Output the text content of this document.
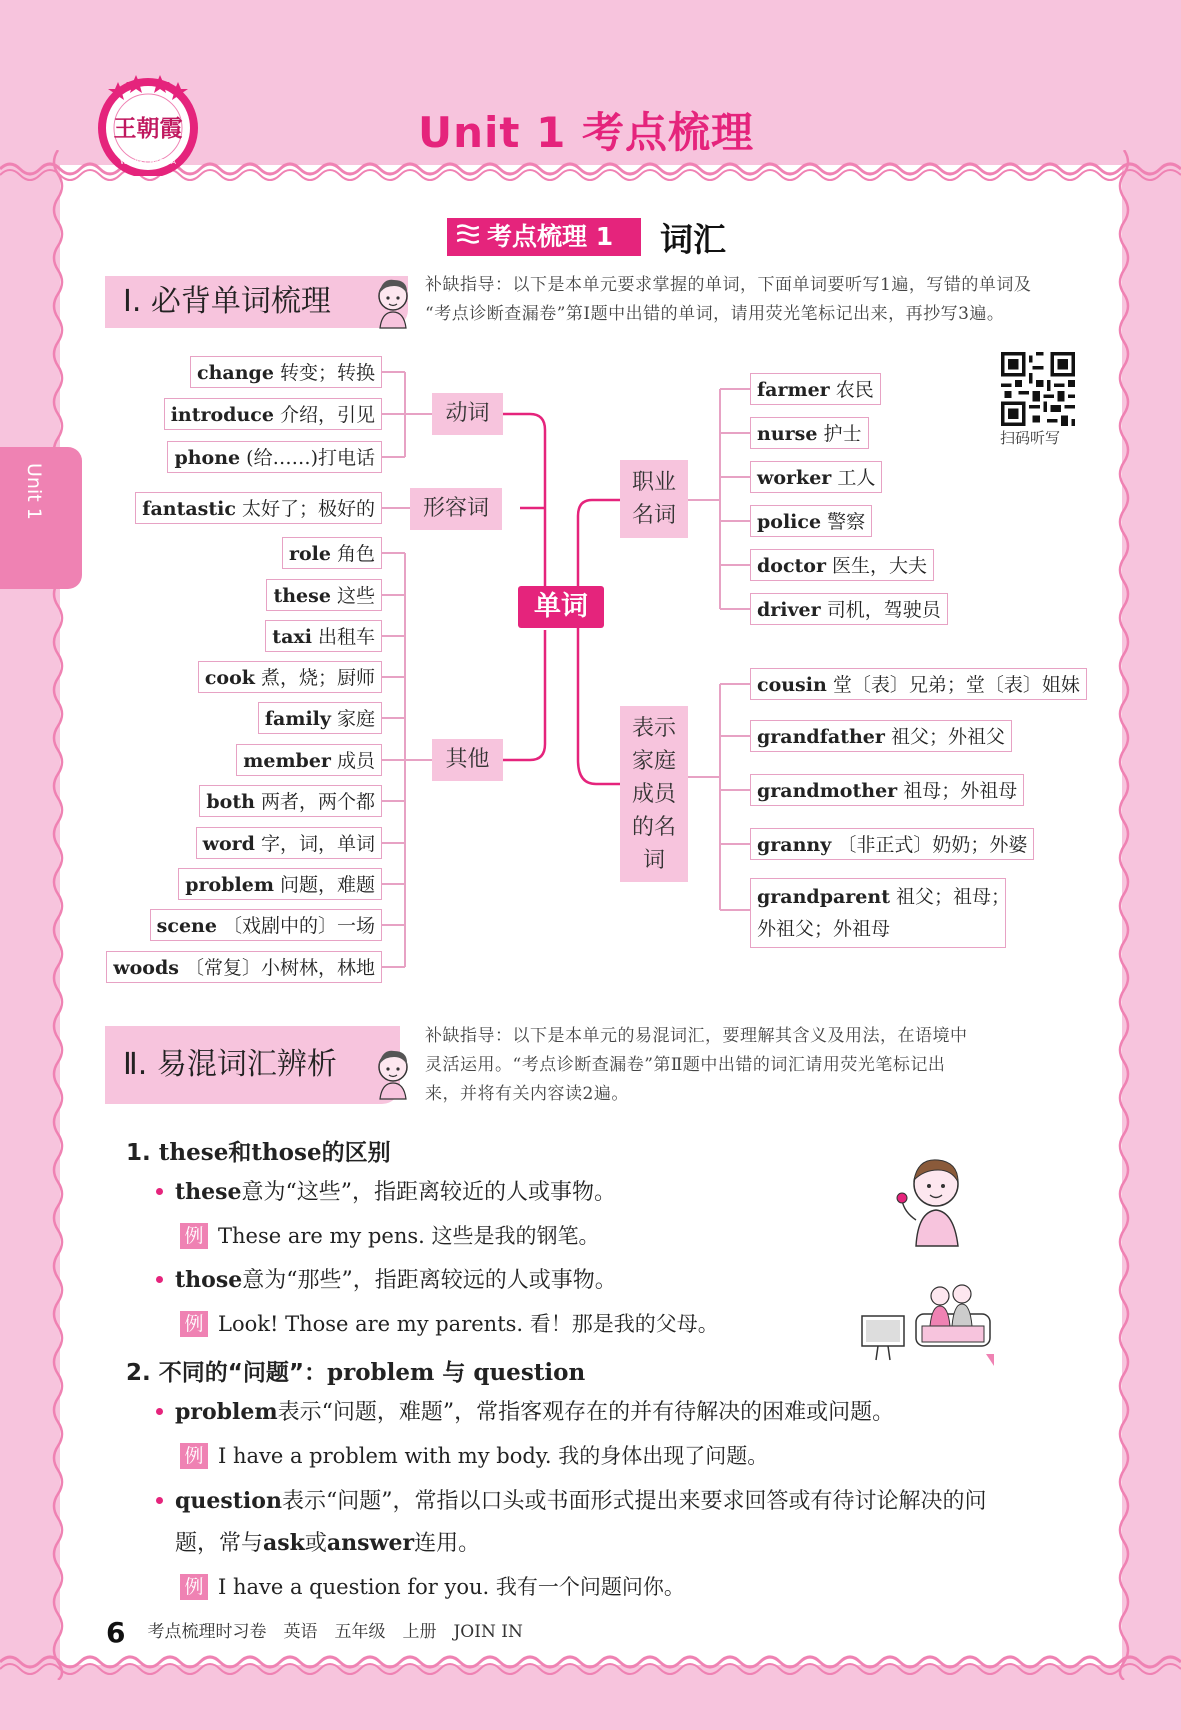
王朝霞
WANG CHAOXIA
Unit 1 考点梳理
Unit 1
考点梳理 1	词汇
Ⅰ. 必背单词梳理	补缺指导：以下是本单元要求掌握的单词，下面单词要听写1遍，写错的单词及
“考点诊断查漏卷”第Ⅰ题中出错的单词，请用荧光笔标记出来，再抄写3遍。
扫码听写
动词
形容词
其他
职业
名词
表示
家庭
成员
的名
词
单词
change 转变；转换
introduce 介绍，引见
phone (给……)打电话
fantastic 太好了；极好的
role 角色
these 这些
taxi 出租车
cook 煮，烧；厨师
family 家庭
member 成员
both 两者，两个都
word 字，词，单词
problem 问题，难题
scene 〔戏剧中的〕一场
woods 〔常复〕小树林，林地
farmer 农民
nurse 护士
worker 工人
police 警察
doctor 医生，大夫
driver 司机，驾驶员
cousin 堂〔表〕兄弟；堂〔表〕姐妹
grandfather 祖父；外祖父
grandmother 祖母；外祖母
granny 〔非正式〕奶奶；外婆
grandparent 祖父；祖母；
外祖父；外祖母
Ⅱ. 易混词汇辨析
补缺指导：以下是本单元的易混词汇，要理解其含义及用法，在语境中
灵活运用。“考点诊断查漏卷”第Ⅱ题中出错的词汇请用荧光笔标记出
来，并将有关内容读2遍。
1. these和those的区别
these意为“这些”，指距离较近的人或事物。
例 These are my pens. 这些是我的钢笔。
those意为“那些”，指距离较远的人或事物。
例 Look! Those are my parents. 看！那是我的父母。
2. 不同的“问题”：problem 与 question
problem表示“问题，难题”，常指客观存在的并有待解决的困难或问题。
例 I have a problem with my body. 我的身体出现了问题。
question表示“问题”，常指以口头或书面形式提出来要求回答或有待讨论解决的问
题，常与ask或answer连用。
例 I have a question for you. 我有一个问题问你。
6 考点梳理时习卷　英语　五年级　上册　JOIN IN
